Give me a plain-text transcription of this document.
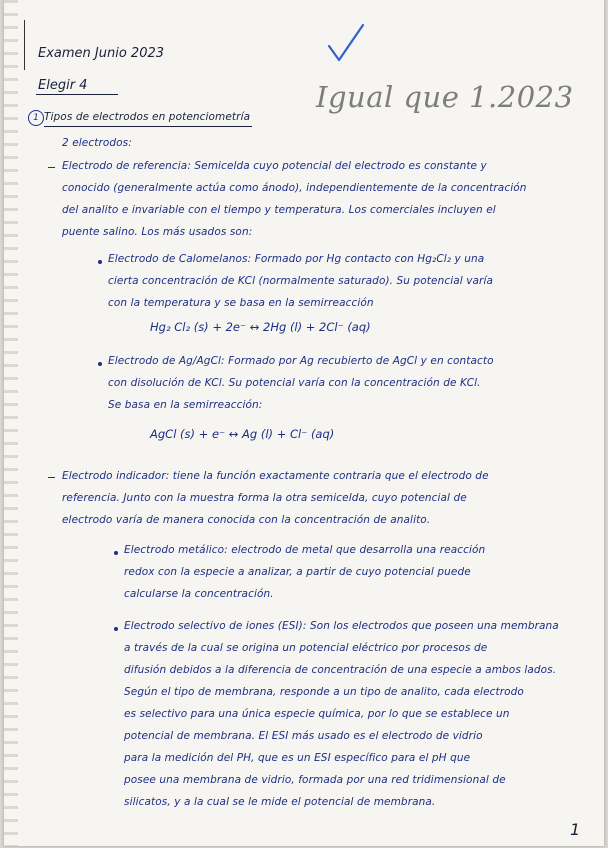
Examen Junio 2023
Elegir 4	Igual que 1.2023
1 Tipos de electrodos en potenciometría
2 electrodos:
Electrodo de referencia: Semicelda cuyo potencial del electrodo es constante y
conocido (generalmente actúa como ánodo), independientemente de la concentración
del analito e invariable con el tiempo y temperatura. Los comerciales incluyen el
puente salino. Los más usados son:
Electrodo de Calomelanos: Formado por Hg contacto con Hg₂Cl₂ y una
cierta concentración de KCl (normalmente saturado). Su potencial varía
con la temperatura y se basa en la semirreacción
Hg₂ Cl₂ (s) + 2e⁻ ↔ 2Hg (l) + 2Cl⁻ (aq)
Electrodo de Ag/AgCl: Formado por Ag recubierto de AgCl y en contacto
con disolución de KCl. Su potencial varía con la concentración de KCl.
Se basa en la semirreacción:
AgCl (s) + e⁻ ↔ Ag (l) + Cl⁻ (aq)
Electrodo indicador: tiene la función exactamente contraria que el electrodo de
referencia. Junto con la muestra forma la otra semicelda, cuyo potencial de
electrodo varía de manera conocida con la concentración de analito.
Electrodo metálico: electrodo de metal que desarrolla una reacción
redox con la especie a analizar, a partir de cuyo potencial puede
calcularse la concentración.
Electrodo selectivo de iones (ESI): Son los electrodos que poseen una membrana
a través de la cual se origina un potencial eléctrico por procesos de
difusión debidos a la diferencia de concentración de una especie a ambos lados.
Según el tipo de membrana, responde a un tipo de analito, cada electrodo
es selectivo para una única especie química, por lo que se establece un
potencial de membrana. El ESI más usado es el electrodo de vidrio
para la medición del PH, que es un ESI específico para el pH que
posee una membrana de vidrio, formada por una red tridimensional de
silicatos, y a la cual se le mide el potencial de membrana.
1
